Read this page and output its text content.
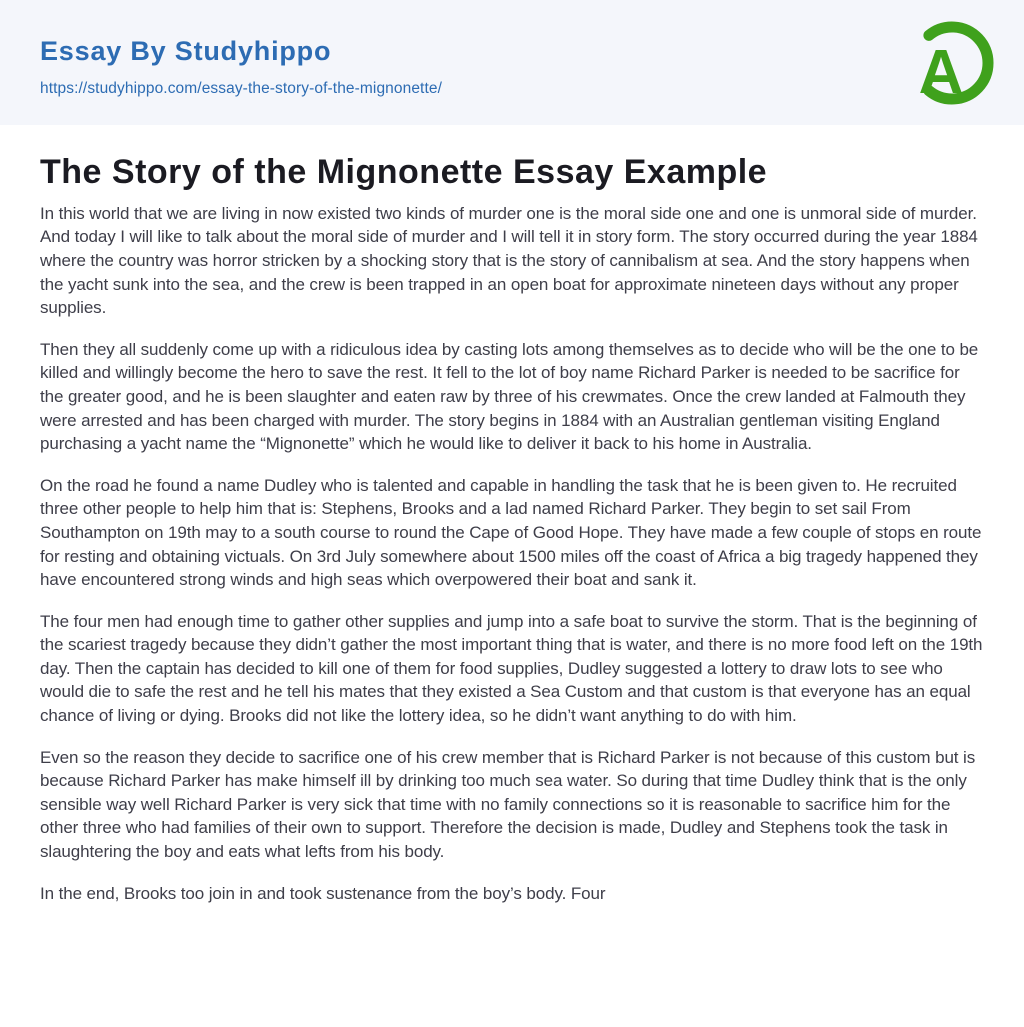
Essay By Studyhippo
https://studyhippo.com/essay-the-story-of-the-mignonette/	A
The Story of the Mignonette Essay Example

In this world that we are living in now existed two kinds of murder one is the moral side one and one is unmoral side of murder. And today I will like to talk about the moral side of murder and I will tell it in story form. The story occurred during the year 1884 where the country was horror stricken by a shocking story that is the story of cannibalism at sea. And the story happens when the yacht sunk into the sea, and the crew is been trapped in an open boat for approximate nineteen days without any proper supplies.

Then they all suddenly come up with a ridiculous idea by casting lots among themselves as to decide who will be the one to be killed and willingly become the hero to save the rest. It fell to the lot of boy name Richard Parker is needed to be sacrifice for the greater good, and he is been slaughter and eaten raw by three of his crewmates. Once the crew landed at Falmouth they were arrested and has been charged with murder. The story begins in 1884 with an Australian gentleman visiting England purchasing a yacht name the “Mignonette” which he would like to deliver it back to his home in Australia.

On the road he found a name Dudley who is talented and capable in handling the task that he is been given to. He recruited three other people to help him that is: Stephens, Brooks and a lad named Richard Parker. They begin to set sail From Southampton on 19th may to a south course to round the Cape of Good Hope. They have made a few couple of stops en route for resting and obtaining victuals. On 3rd July somewhere about 1500 miles off the coast of Africa a big tragedy happened they have encountered strong winds and high seas which overpowered their boat and sank it.

The four men had enough time to gather other supplies and jump into a safe boat to survive the storm. That is the beginning of the scariest tragedy because they didn’t gather the most important thing that is water, and there is no more food left on the 19th day. Then the captain has decided to kill one of them for food supplies, Dudley suggested a lottery to draw lots to see who would die to safe the rest and he tell his mates that they existed a Sea Custom and that custom is that everyone has an equal chance of living or dying. Brooks did not like the lottery idea, so he didn’t want anything to do with him.

Even so the reason they decide to sacrifice one of his crew member that is Richard Parker is not because of this custom but is because Richard Parker has make himself ill by drinking too much sea water. So during that time Dudley think that is the only sensible way well Richard Parker is very sick that time with no family connections so it is reasonable to sacrifice him for the other three who had families of their own to support. Therefore the decision is made, Dudley and Stephens took the task in slaughtering the boy and eats what lefts from his body.

In the end, Brooks too join in and took sustenance from the boy’s body. Four
